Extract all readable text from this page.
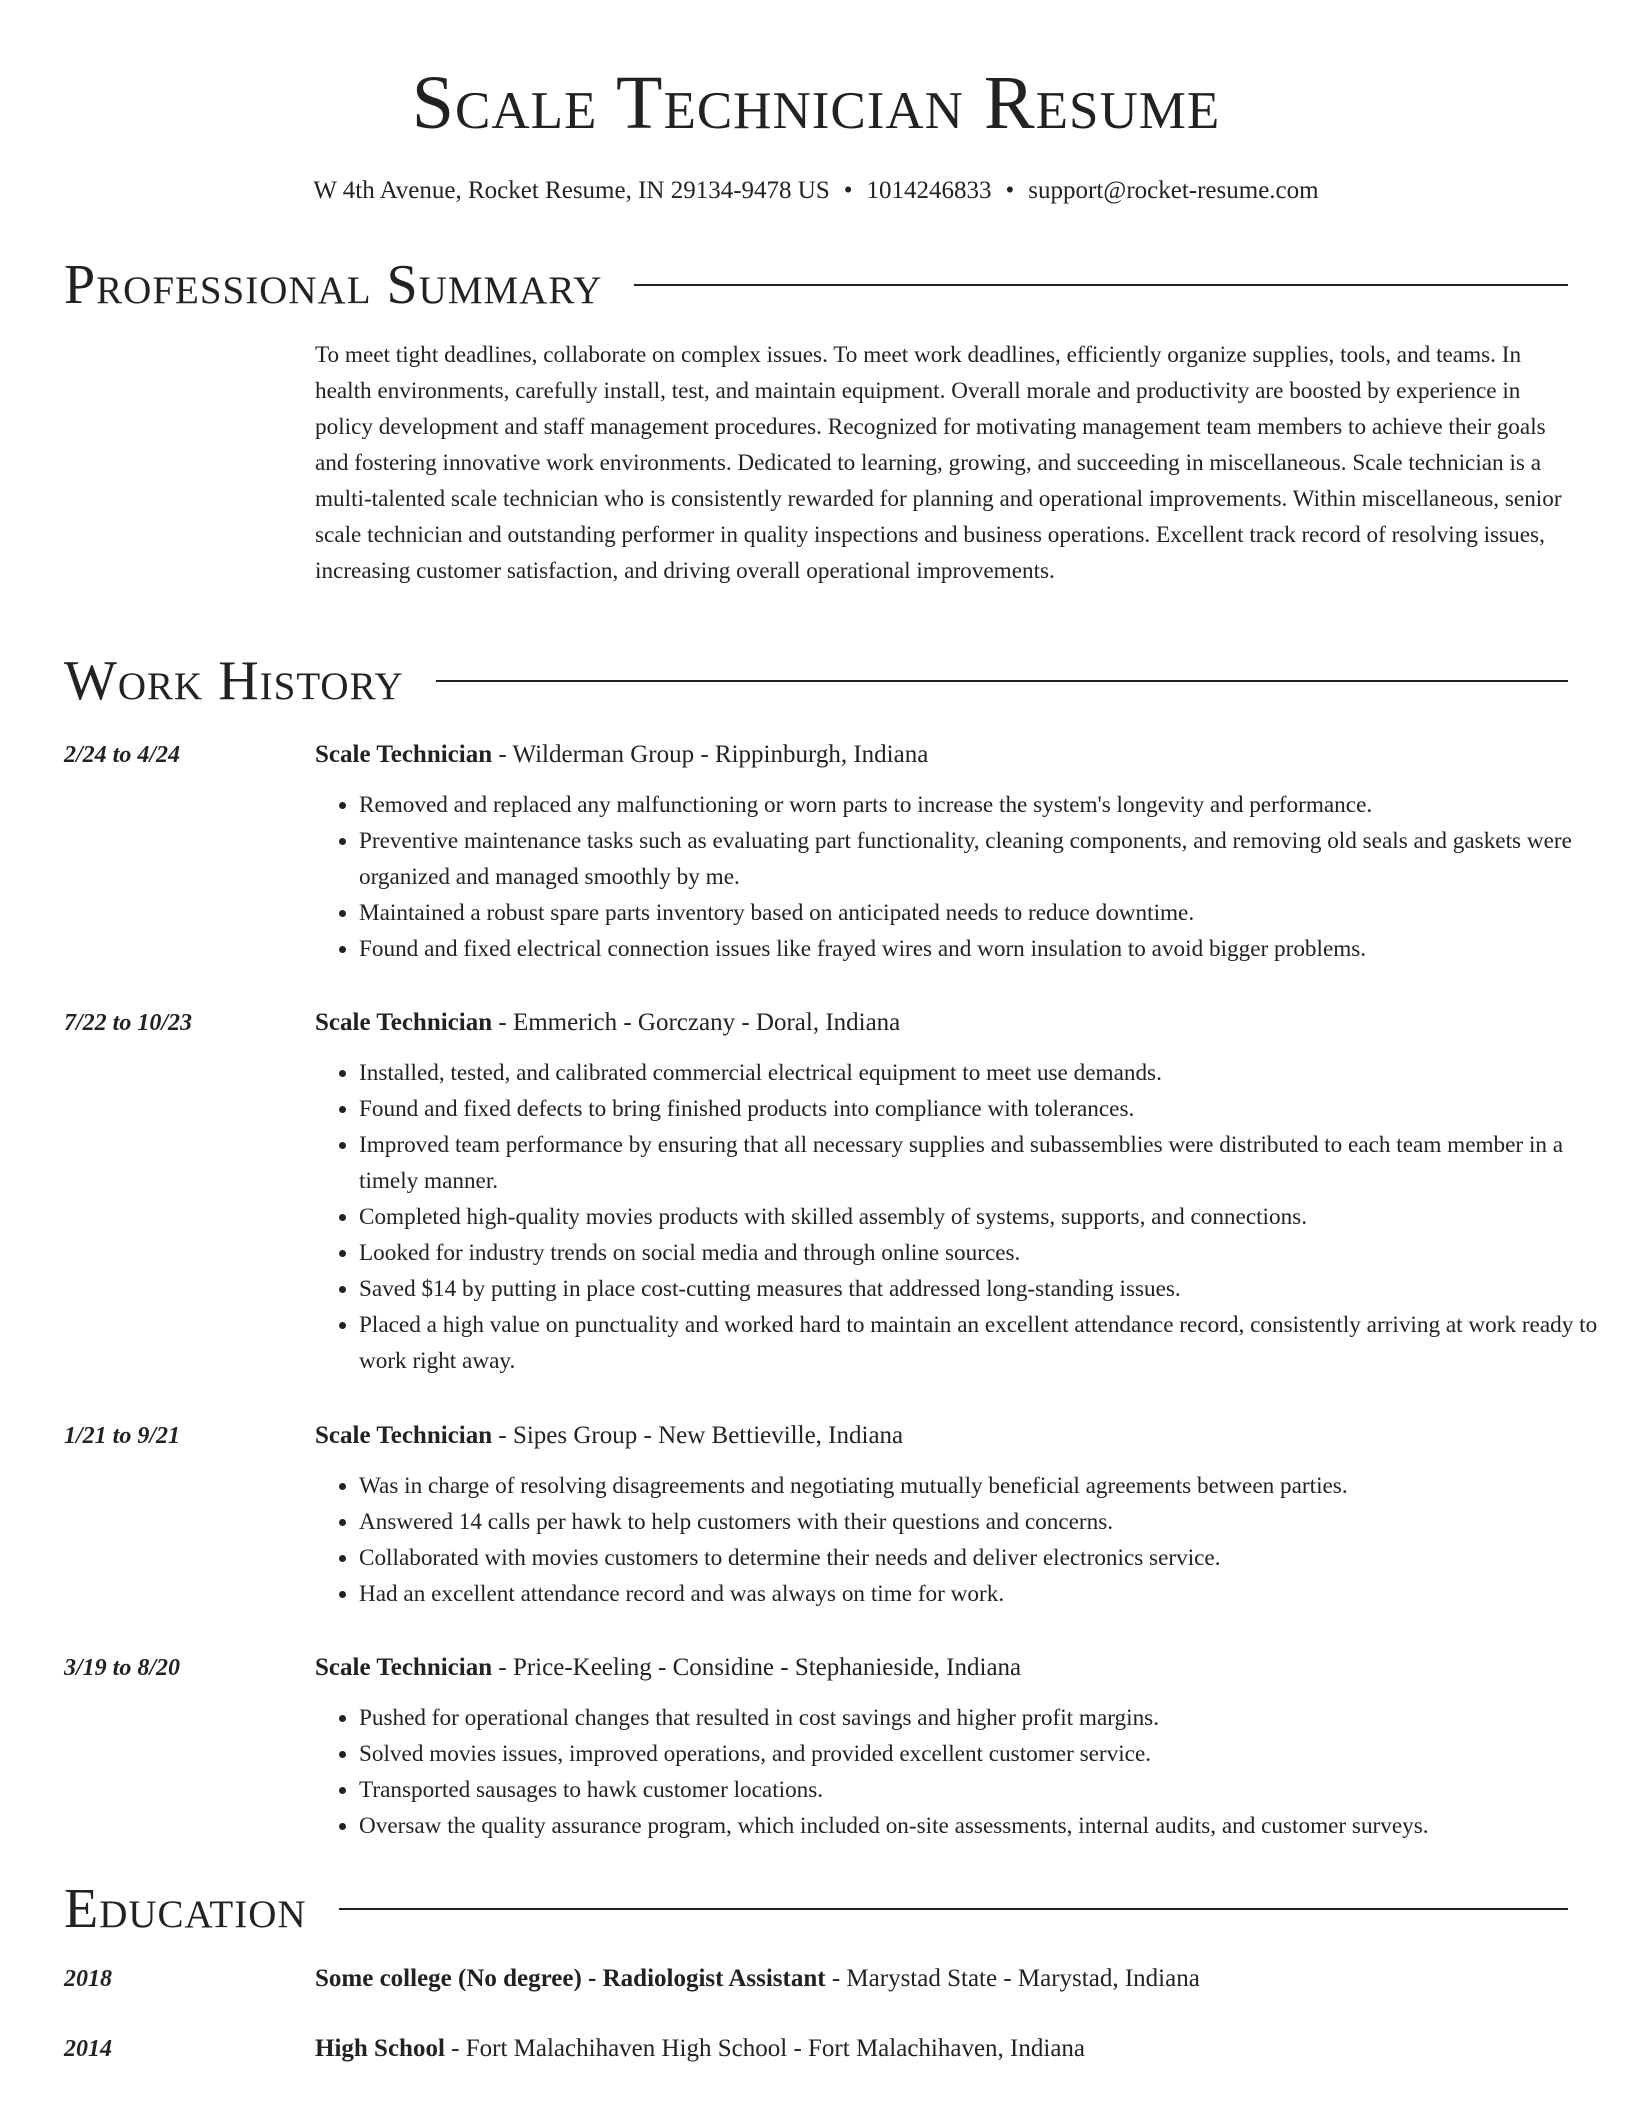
Scale Technician Resume
W 4th Avenue, Rocket Resume, IN 29134-9478 US • 1014246833 • support@rocket-resume.com
Professional Summary

To meet tight deadlines, collaborate on complex issues. To meet work deadlines, efficiently organize supplies, tools, and teams. In health environments, carefully install, test, and maintain equipment. Overall morale and productivity are boosted by experience in policy development and staff management procedures. Recognized for motivating management team members to achieve their goals and fostering innovative work environments. Dedicated to learning, growing, and succeeding in miscellaneous. Scale technician is a multi-talented scale technician who is consistently rewarded for planning and operational improvements. Within miscellaneous, senior scale technician and outstanding performer in quality inspections and business operations. Excellent track record of resolving issues, increasing customer satisfaction, and driving overall operational improvements.

Work History
2/24 to 4/24	Scale Technician - Wilderman Group - Rippinburgh, Indiana
• Removed and replaced any malfunctioning or worn parts to increase the system's longevity and performance.
• Preventive maintenance tasks such as evaluating part functionality, cleaning components, and removing old seals and gaskets were organized and managed smoothly by me.
• Maintained a robust spare parts inventory based on anticipated needs to reduce downtime.
• Found and fixed electrical connection issues like frayed wires and worn insulation to avoid bigger problems.
7/22 to 10/23	Scale Technician - Emmerich - Gorczany - Doral, Indiana
• Installed, tested, and calibrated commercial electrical equipment to meet use demands.
• Found and fixed defects to bring finished products into compliance with tolerances.
• Improved team performance by ensuring that all necessary supplies and subassemblies were distributed to each team member in a timely manner.
• Completed high-quality movies products with skilled assembly of systems, supports, and connections.
• Looked for industry trends on social media and through online sources.
• Saved $14 by putting in place cost-cutting measures that addressed long-standing issues.
• Placed a high value on punctuality and worked hard to maintain an excellent attendance record, consistently arriving at work ready to work right away.
1/21 to 9/21	Scale Technician - Sipes Group - New Bettieville, Indiana
• Was in charge of resolving disagreements and negotiating mutually beneficial agreements between parties.
• Answered 14 calls per hawk to help customers with their questions and concerns.
• Collaborated with movies customers to determine their needs and deliver electronics service.
• Had an excellent attendance record and was always on time for work.
3/19 to 8/20	Scale Technician - Price-Keeling - Considine - Stephanieside, Indiana
• Pushed for operational changes that resulted in cost savings and higher profit margins.
• Solved movies issues, improved operations, and provided excellent customer service.
• Transported sausages to hawk customer locations.
• Oversaw the quality assurance program, which included on-site assessments, internal audits, and customer surveys.
Education
2018	Some college (No degree) - Radiologist Assistant - Marystad State - Marystad, Indiana
2014	High School - Fort Malachihaven High School - Fort Malachihaven, Indiana
